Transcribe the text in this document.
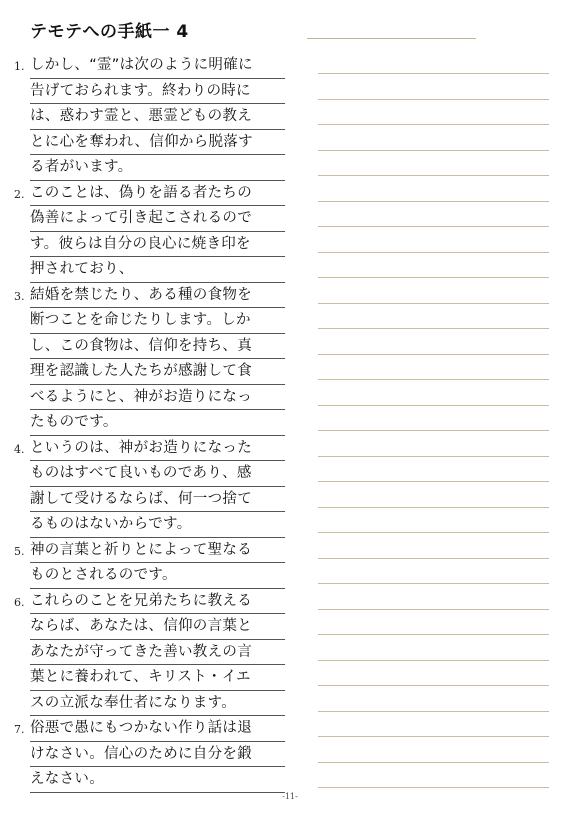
テモテへの手紙一 4
1. しかし、“霊”は次のように明確に
告げておられます。終わりの時に
は、惑わす霊と、悪霊どもの教え
とに心を奪われ、信仰から脱落す
る者がいます。
2. このことは、偽りを語る者たちの
偽善によって引き起こされるので
す。彼らは自分の良心に焼き印を
押されており、
3. 結婚を禁じたり、ある種の食物を
断つことを命じたりします。しか
し、この食物は、信仰を持ち、真
理を認識した人たちが感謝して食
べるようにと、神がお造りになっ
たものです。
4. というのは、神がお造りになった
ものはすべて良いものであり、感
謝して受けるならば、何一つ捨て
るものはないからです。
5. 神の言葉と祈りとによって聖なる
ものとされるのです。
6. これらのことを兄弟たちに教える
ならば、あなたは、信仰の言葉と
あなたが守ってきた善い教えの言
葉とに養われて、キリスト・イエ
スの立派な奉仕者になります。
7. 俗悪で愚にもつかない作り話は退
けなさい。信心のために自分を鍛
えなさい。
-11-
